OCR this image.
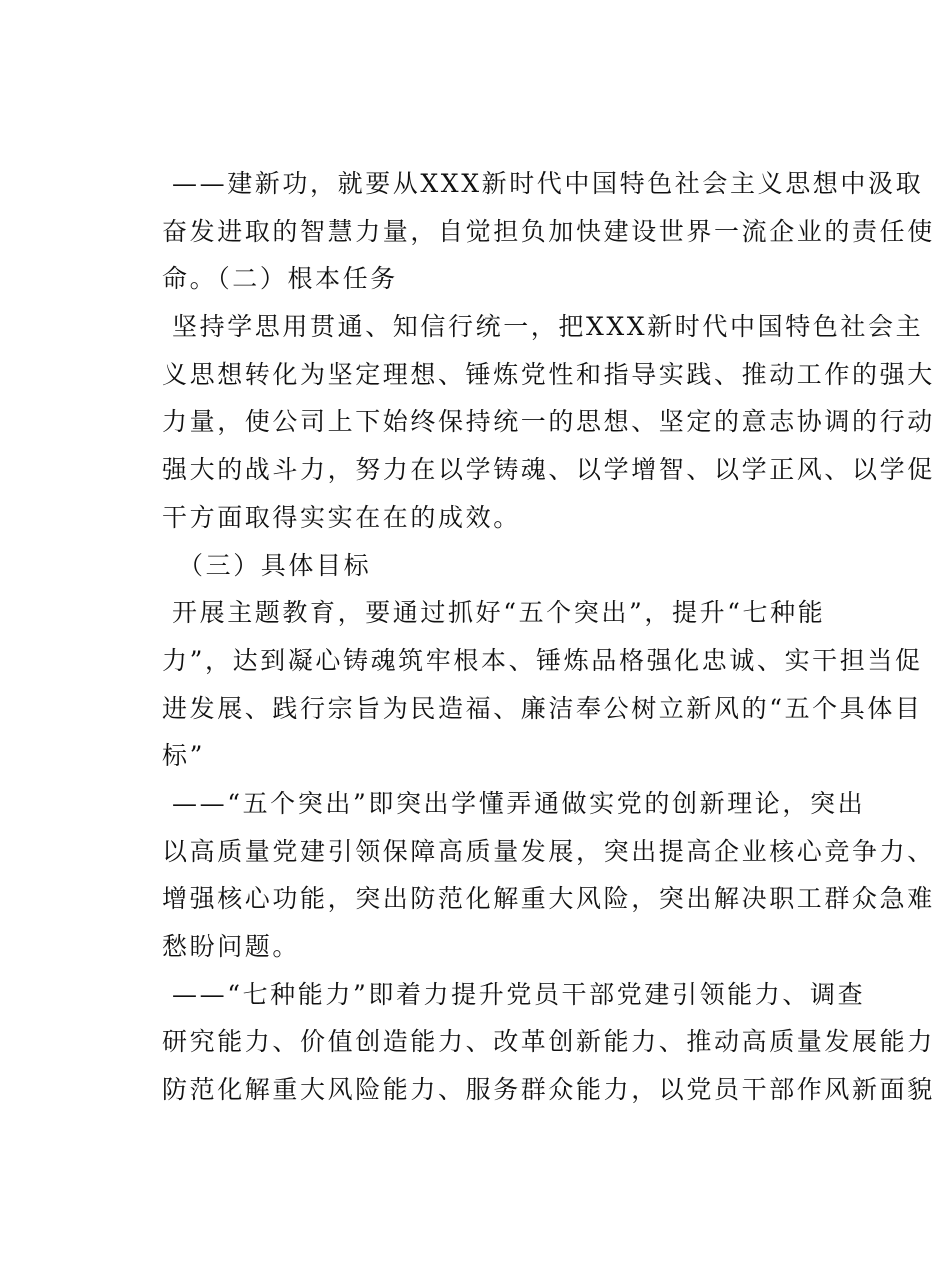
——建新功，就要从XXX新时代中国特色社会主义思想中汲取
奋发进取的智慧力量，自觉担负加快建设世界一流企业的责任使
命。（二）根本任务
坚持学思用贯通、知信行统一，把XXX新时代中国特色社会主
义思想转化为坚定理想、锤炼党性和指导实践、推动工作的强大
力量，使公司上下始终保持统一的思想、坚定的意志协调的行动
强大的战斗力，努力在以学铸魂、以学增智、以学正风、以学促
干方面取得实实在在的成效。
（三）具体目标
开展主题教育，要通过抓好“五个突出”，提升“七种能
力”，达到凝心铸魂筑牢根本、锤炼品格强化忠诚、实干担当促
进发展、践行宗旨为民造福、廉洁奉公树立新风的“五个具体目
标”
——“五个突出”即突出学懂弄通做实党的创新理论，突出
以高质量党建引领保障高质量发展，突出提高企业核心竞争力、
增强核心功能，突出防范化解重大风险，突出解决职工群众急难
愁盼问题。
——“七种能力”即着力提升党员干部党建引领能力、调查
研究能力、价值创造能力、改革创新能力、推动高质量发展能力
防范化解重大风险能力、服务群众能力，以党员干部作风新面貌
